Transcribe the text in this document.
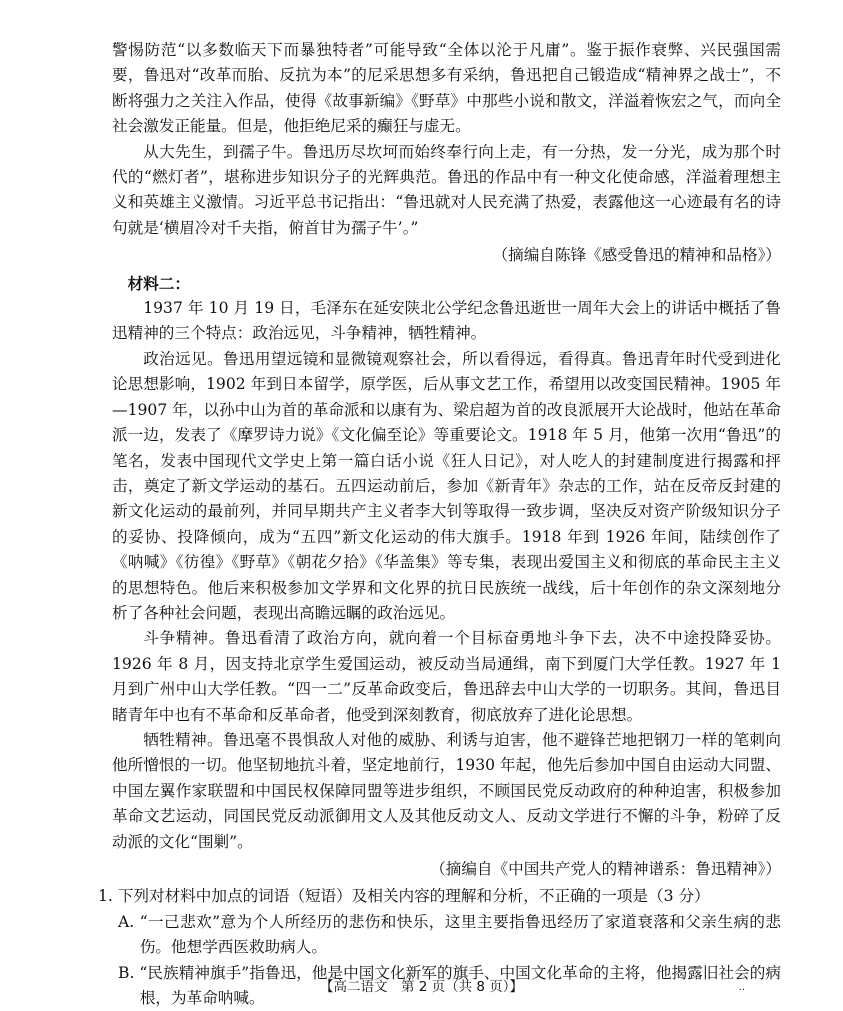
警惕防范“以多数临天下而暴独特者”可能导致“全体以沦于凡庸”。鉴于振作衰弊、兴民强国需要，鲁迅对“改革而胎、反抗为本”的尼采思想多有采纳，鲁迅把自己锻造成“精神界之战士”，不断将强力之关注入作品，使得《故事新编》《野草》中那些小说和散文，洋溢着恢宏之气，而向全社会激发正能量。但是，他拒绝尼采的癫狂与虚无。

从大先生，到孺子牛。鲁迅历尽坎坷而始终奉行向上走，有一分热，发一分光，成为那个时代的“燃灯者”，堪称进步知识分子的光辉典范。鲁迅的作品中有一种文化使命感，洋溢着理想主义和英雄主义激情。习近平总书记指出：“鲁迅就对人民充满了热爱，表露他这一心迹最有名的诗句就是‘横眉冷对千夫指，俯首甘为孺子牛’。”

（摘编自陈锋《感受鲁迅的精神和品格》）

材料二：

1937 年 10 月 19 日，毛泽东在延安陕北公学纪念鲁迅逝世一周年大会上的讲话中概括了鲁迅精神的三个特点：政治远见，斗争精神，牺牲精神。

政治远见。鲁迅用望远镜和显微镜观察社会，所以看得远，看得真。鲁迅青年时代受到进化论思想影响，1902 年到日本留学，原学医，后从事文艺工作，希望用以改变国民精神。1905 年—1907 年，以孙中山为首的革命派和以康有为、梁启超为首的改良派展开大论战时，他站在革命派一边，发表了《摩罗诗力说》《文化偏至论》等重要论文。1918 年 5 月，他第一次用“鲁迅”的笔名，发表中国现代文学史上第一篇白话小说《狂人日记》，对人吃人的封建制度进行揭露和抨击，奠定了新文学运动的基石。五四运动前后，参加《新青年》杂志的工作，站在反帝反封建的新文化运动的最前列，并同早期共产主义者李大钊等取得一致步调，坚决反对资产阶级知识分子的妥协、投降倾向，成为“五四”新文化运动的伟大旗手。1918 年到 1926 年间，陆续创作了《呐喊》《彷徨》《野草》《朝花夕拾》《华盖集》等专集，表现出爱国主义和彻底的革命民主主义的思想特色。他后来积极参加文学界和文化界的抗日民族统一战线，后十年创作的杂文深刻地分析了各种社会问题，表现出高瞻远瞩的政治远见。

斗争精神。鲁迅看清了政治方向，就向着一个目标奋勇地斗争下去，决不中途投降妥协。1926 年 8 月，因支持北京学生爱国运动，被反动当局通缉，南下到厦门大学任教。1927 年 1 月到广州中山大学任教。“四一二”反革命政变后，鲁迅辞去中山大学的一切职务。其间，鲁迅目睹青年中也有不革命和反革命者，他受到深刻教育，彻底放弃了进化论思想。

牺牲精神。鲁迅毫不畏惧敌人对他的威胁、利诱与迫害，他不避锋芒地把钢刀一样的笔刺向他所憎恨的一切。他坚韧地抗斗着，坚定地前行，1930 年起，他先后参加中国自由运动大同盟、中国左翼作家联盟和中国民权保障同盟等进步组织，不顾国民党反动政府的种种迫害，积极参加革命文艺运动，同国民党反动派御用文人及其他反动文人、反动文学进行不懈的斗争，粉碎了反动派的文化“围剿”。

（摘编自《中国共产党人的精神谱系：鲁迅精神》）

1. 下列对材料中加点的词语（短语）及相关内容的理解和分析，不正确的一项是（3 分）

A. “一己悲欢”意为个人所经历的悲伤和快乐，这里主要指鲁迅经历了家道衰落和父亲生病的悲伤。他想学西医救助病人。

B. “民族精神旗手”指鲁迅，他是中国文化新军的旗手、中国文化革命的主将，他揭露旧社会的病根，为革命呐喊。

【高二语文　第 2 页（共 8 页）】	··
